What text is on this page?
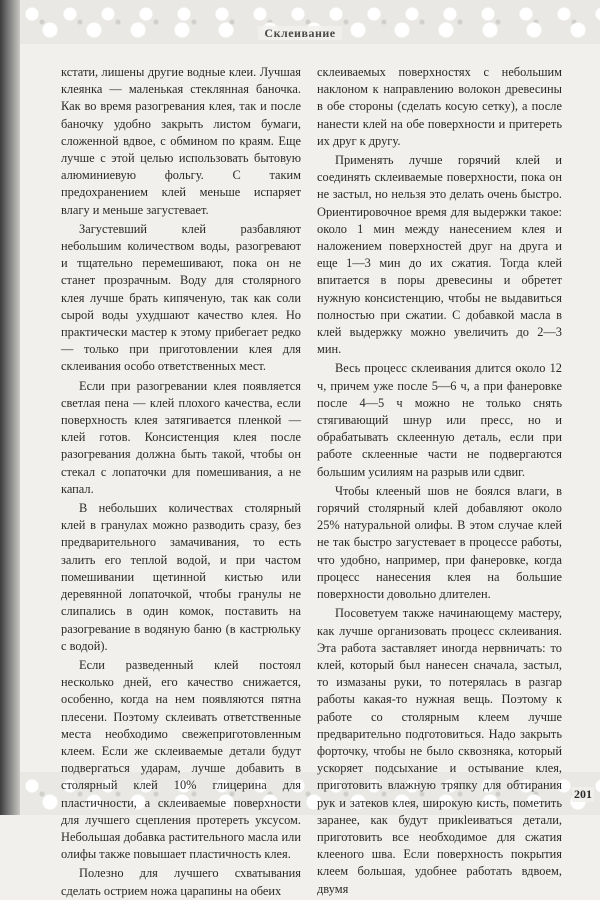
Склеивание

кстати, лишены другие водные клеи. Лучшая клеянка — маленькая стеклянная баночка. Как во время разогревания клея, так и после баночку удобно закрыть листом бумаги, сложенной вдвое, с обмином по краям. Еще лучше с этой целью использовать бытовую алюминиевую фольгу. С таким предохранением клей меньше испаряет влагу и меньше загустевает.

Загустевший клей разбавляют небольшим количеством воды, разогревают и тщательно перемешивают, пока он не станет прозрачным. Воду для столярного клея лучше брать кипяченую, так как соли сырой воды ухудшают качество клея. Но практически мастер к этому прибегает редко — только при приготовлении клея для склеивания особо ответственных мест.

Если при разогревании клея появляется светлая пена — клей плохого качества, если поверхность клея затягивается пленкой — клей готов. Консистенция клея после разогревания должна быть такой, чтобы он стекал с лопаточки для помешивания, а не капал.

В небольших количествах столярный клей в гранулах можно разводить сразу, без предварительного замачивания, то есть залить его теплой водой, и при частом помешивании щетинной кистью или деревянной лопаточкой, чтобы гранулы не слипались в один комок, поставить на разогревание в водяную баню (в кастрюльку с водой).

Если разведенный клей постоял несколько дней, его качество снижается, особенно, когда на нем появляются пятна плесени. Поэтому склеивать ответственные места необходимо свежеприготовленным клеем. Если же склеиваемые детали будут подвергаться ударам, лучше добавить в столярный клей 10% глицерина для пластичности, а склеиваемые поверхности для лучшего сцепления протереть уксусом. Небольшая добавка растительного масла или олифы также повышает пластичность клея.

Полезно для лучшего схватывания сделать острием ножа царапины на обеих

склеиваемых поверхностях с небольшим наклоном к направлению волокон древесины в обе стороны (сделать косую сетку), а после нанести клей на обе поверхности и притереть их друг к другу.

Применять лучше горячий клей и соединять склеиваемые поверхности, пока он не застыл, но нельзя это делать очень быстро. Ориентировочное время для выдержки такое: около 1 мин между нанесением клея и наложением поверхностей друг на друга и еще 1—3 мин до их сжатия. Тогда клей впитается в поры древесины и обретет нужную консистенцию, чтобы не выдавиться полностью при сжатии. С добавкой масла в клей выдержку можно увеличить до 2—3 мин.

Весь процесс склеивания длится около 12 ч, причем уже после 5—6 ч, а при фанеровке после 4—5 ч можно не только снять стягивающий шнур или пресс, но и обрабатывать склеенную деталь, если при работе склеенные части не подвергаются большим усилиям на разрыв или сдвиг.

Чтобы клееный шов не боялся влаги, в горячий столярный клей добавляют около 25% натуральной олифы. В этом случае клей не так быстро загустевает в процессе работы, что удобно, например, при фанеровке, когда процесс нанесения клея на большие поверхности довольно длителен.

Посоветуем также начинающему мастеру, как лучше организовать процесс склеивания. Эта работа заставляет иногда нервничать: то клей, который был нанесен сначала, застыл, то измазаны руки, то потерялась в разгар работы какая-то нужная вещь. Поэтому к работе со столярным клеем лучше предварительно подготовиться. Надо закрыть форточку, чтобы не было сквозняка, который ускоряет подсыхание и остывание клея, приготовить влажную тряпку для обтирания рук и затеков клея, широкую кисть, пометить заранее, как будут прикleиваться детали, приготовить все необходимое для сжатия клееного шва. Если поверхность покрытия клеем большая, удобнее работать вдвоем, двумя

201
